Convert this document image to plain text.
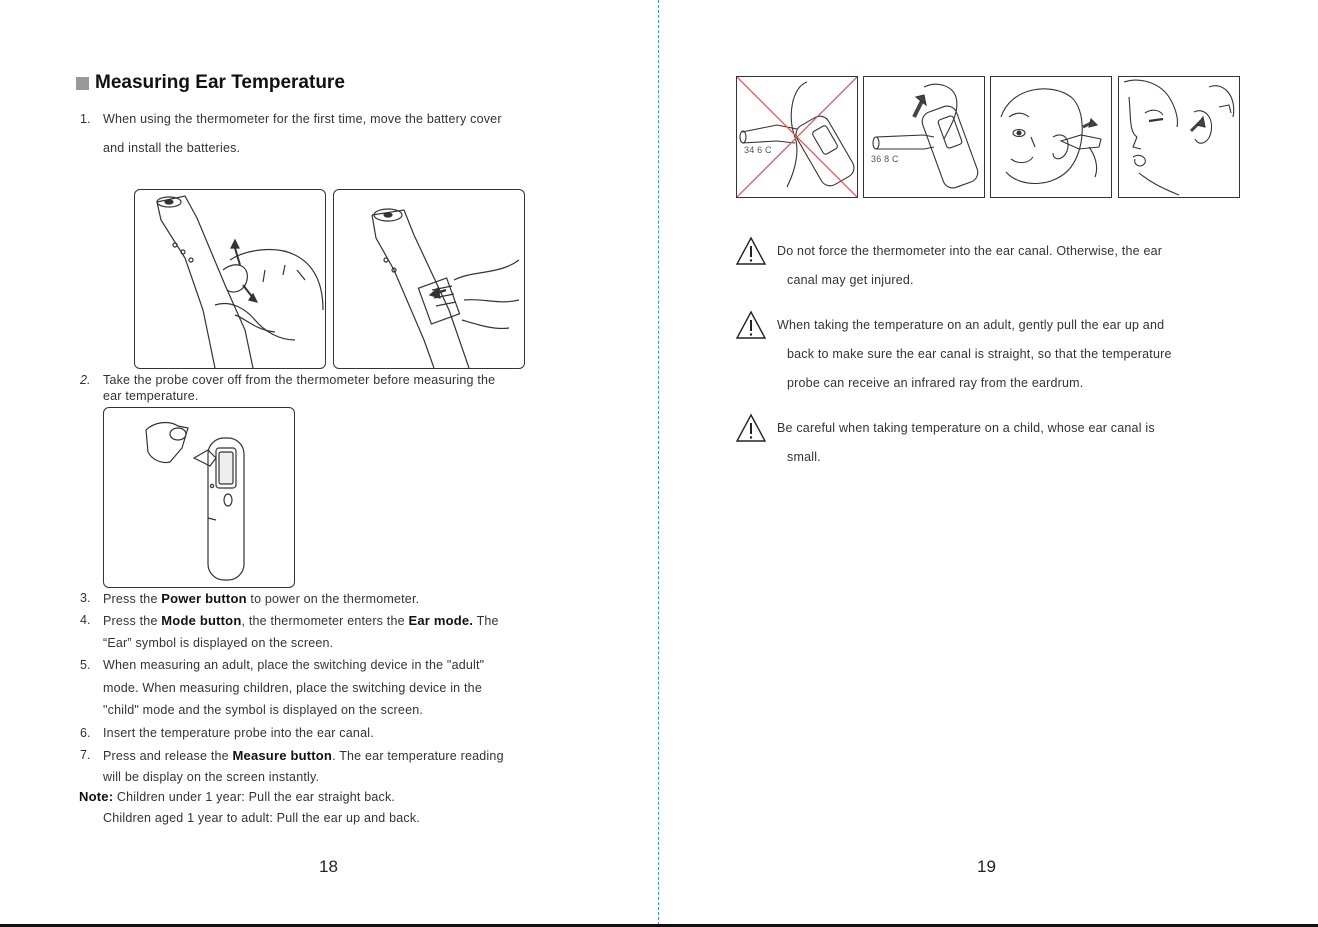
Measuring Ear Temperature
1. When using the thermometer for the first time, move the battery cover
and install the batteries.
2. Take the probe cover off from the thermometer before measuring the
ear temperature.
3. Press the Power button to power on the thermometer.
4. Press the Mode button, the thermometer enters the Ear mode. The
“Ear” symbol is displayed on the screen.
5. When measuring an adult, place the switching device in the "adult"
mode. When measuring children, place the switching device in the
"child" mode and the symbol is displayed on the screen.
6. Insert the temperature probe into the ear canal.
7. Press and release the Measure button. The ear temperature reading
will be display on the screen instantly.
Note: Children under 1 year: Pull the ear straight back.
Children aged 1 year to adult: Pull the ear up and back.
18
34 6 C
36 8 C
Do not force the thermometer into the ear canal. Otherwise, the ear
canal may get injured.
When taking the temperature on an adult, gently pull the ear up and
back to make sure the ear canal is straight, so that the temperature
probe can receive an infrared ray from the eardrum.
Be careful when taking temperature on a child, whose ear canal is
small.
19
